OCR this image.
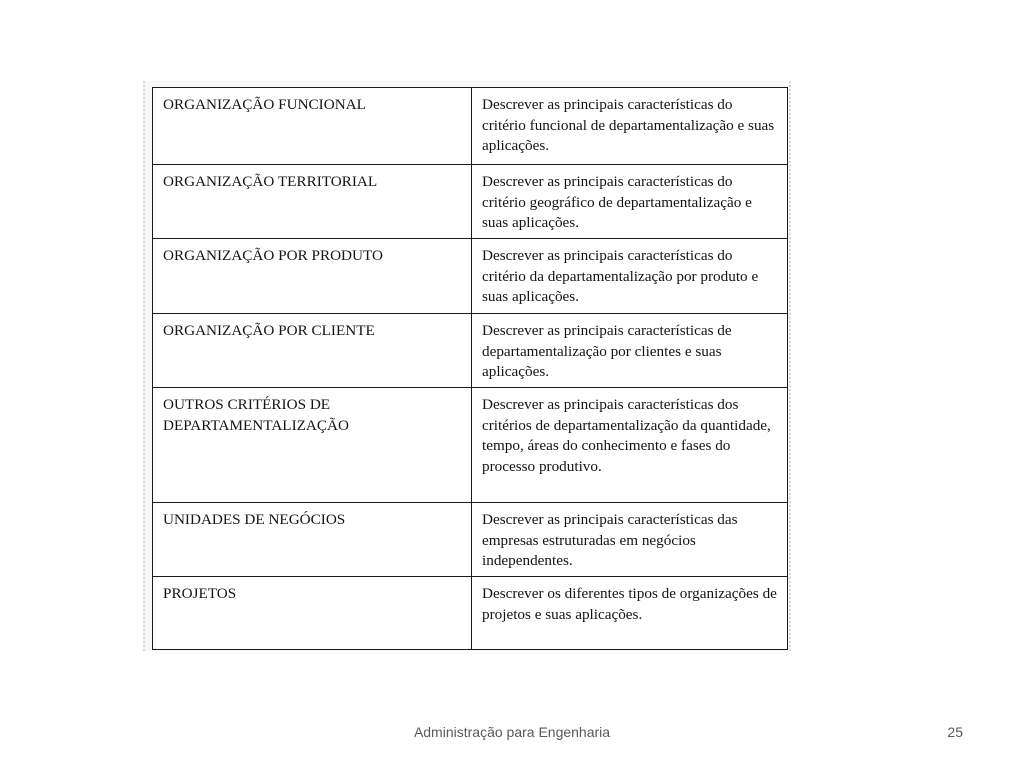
ORGANIZAÇÃO FUNCIONAL	Descrever as principais características do critério funcional de departamentalização e suas aplicações.
ORGANIZAÇÃO TERRITORIAL	Descrever as principais características do critério geográfico de departamentalização e suas aplicações.
ORGANIZAÇÃO POR PRODUTO	Descrever as principais características do critério da departamentalização por produto e suas aplicações.
ORGANIZAÇÃO POR CLIENTE	Descrever as principais características de departamentalização por clientes e suas aplicações.
OUTROS CRITÉRIOS DE DEPARTAMENTALIZAÇÃO	Descrever as principais características dos critérios de departamentalização da quantidade, tempo, áreas do conhecimento e fases do processo produtivo.
UNIDADES DE NEGÓCIOS	Descrever as principais características das empresas estruturadas em negócios independentes.
PROJETOS	Descrever os diferentes tipos de organizações de projetos e suas aplicações.
Administração para Engenharia	25
